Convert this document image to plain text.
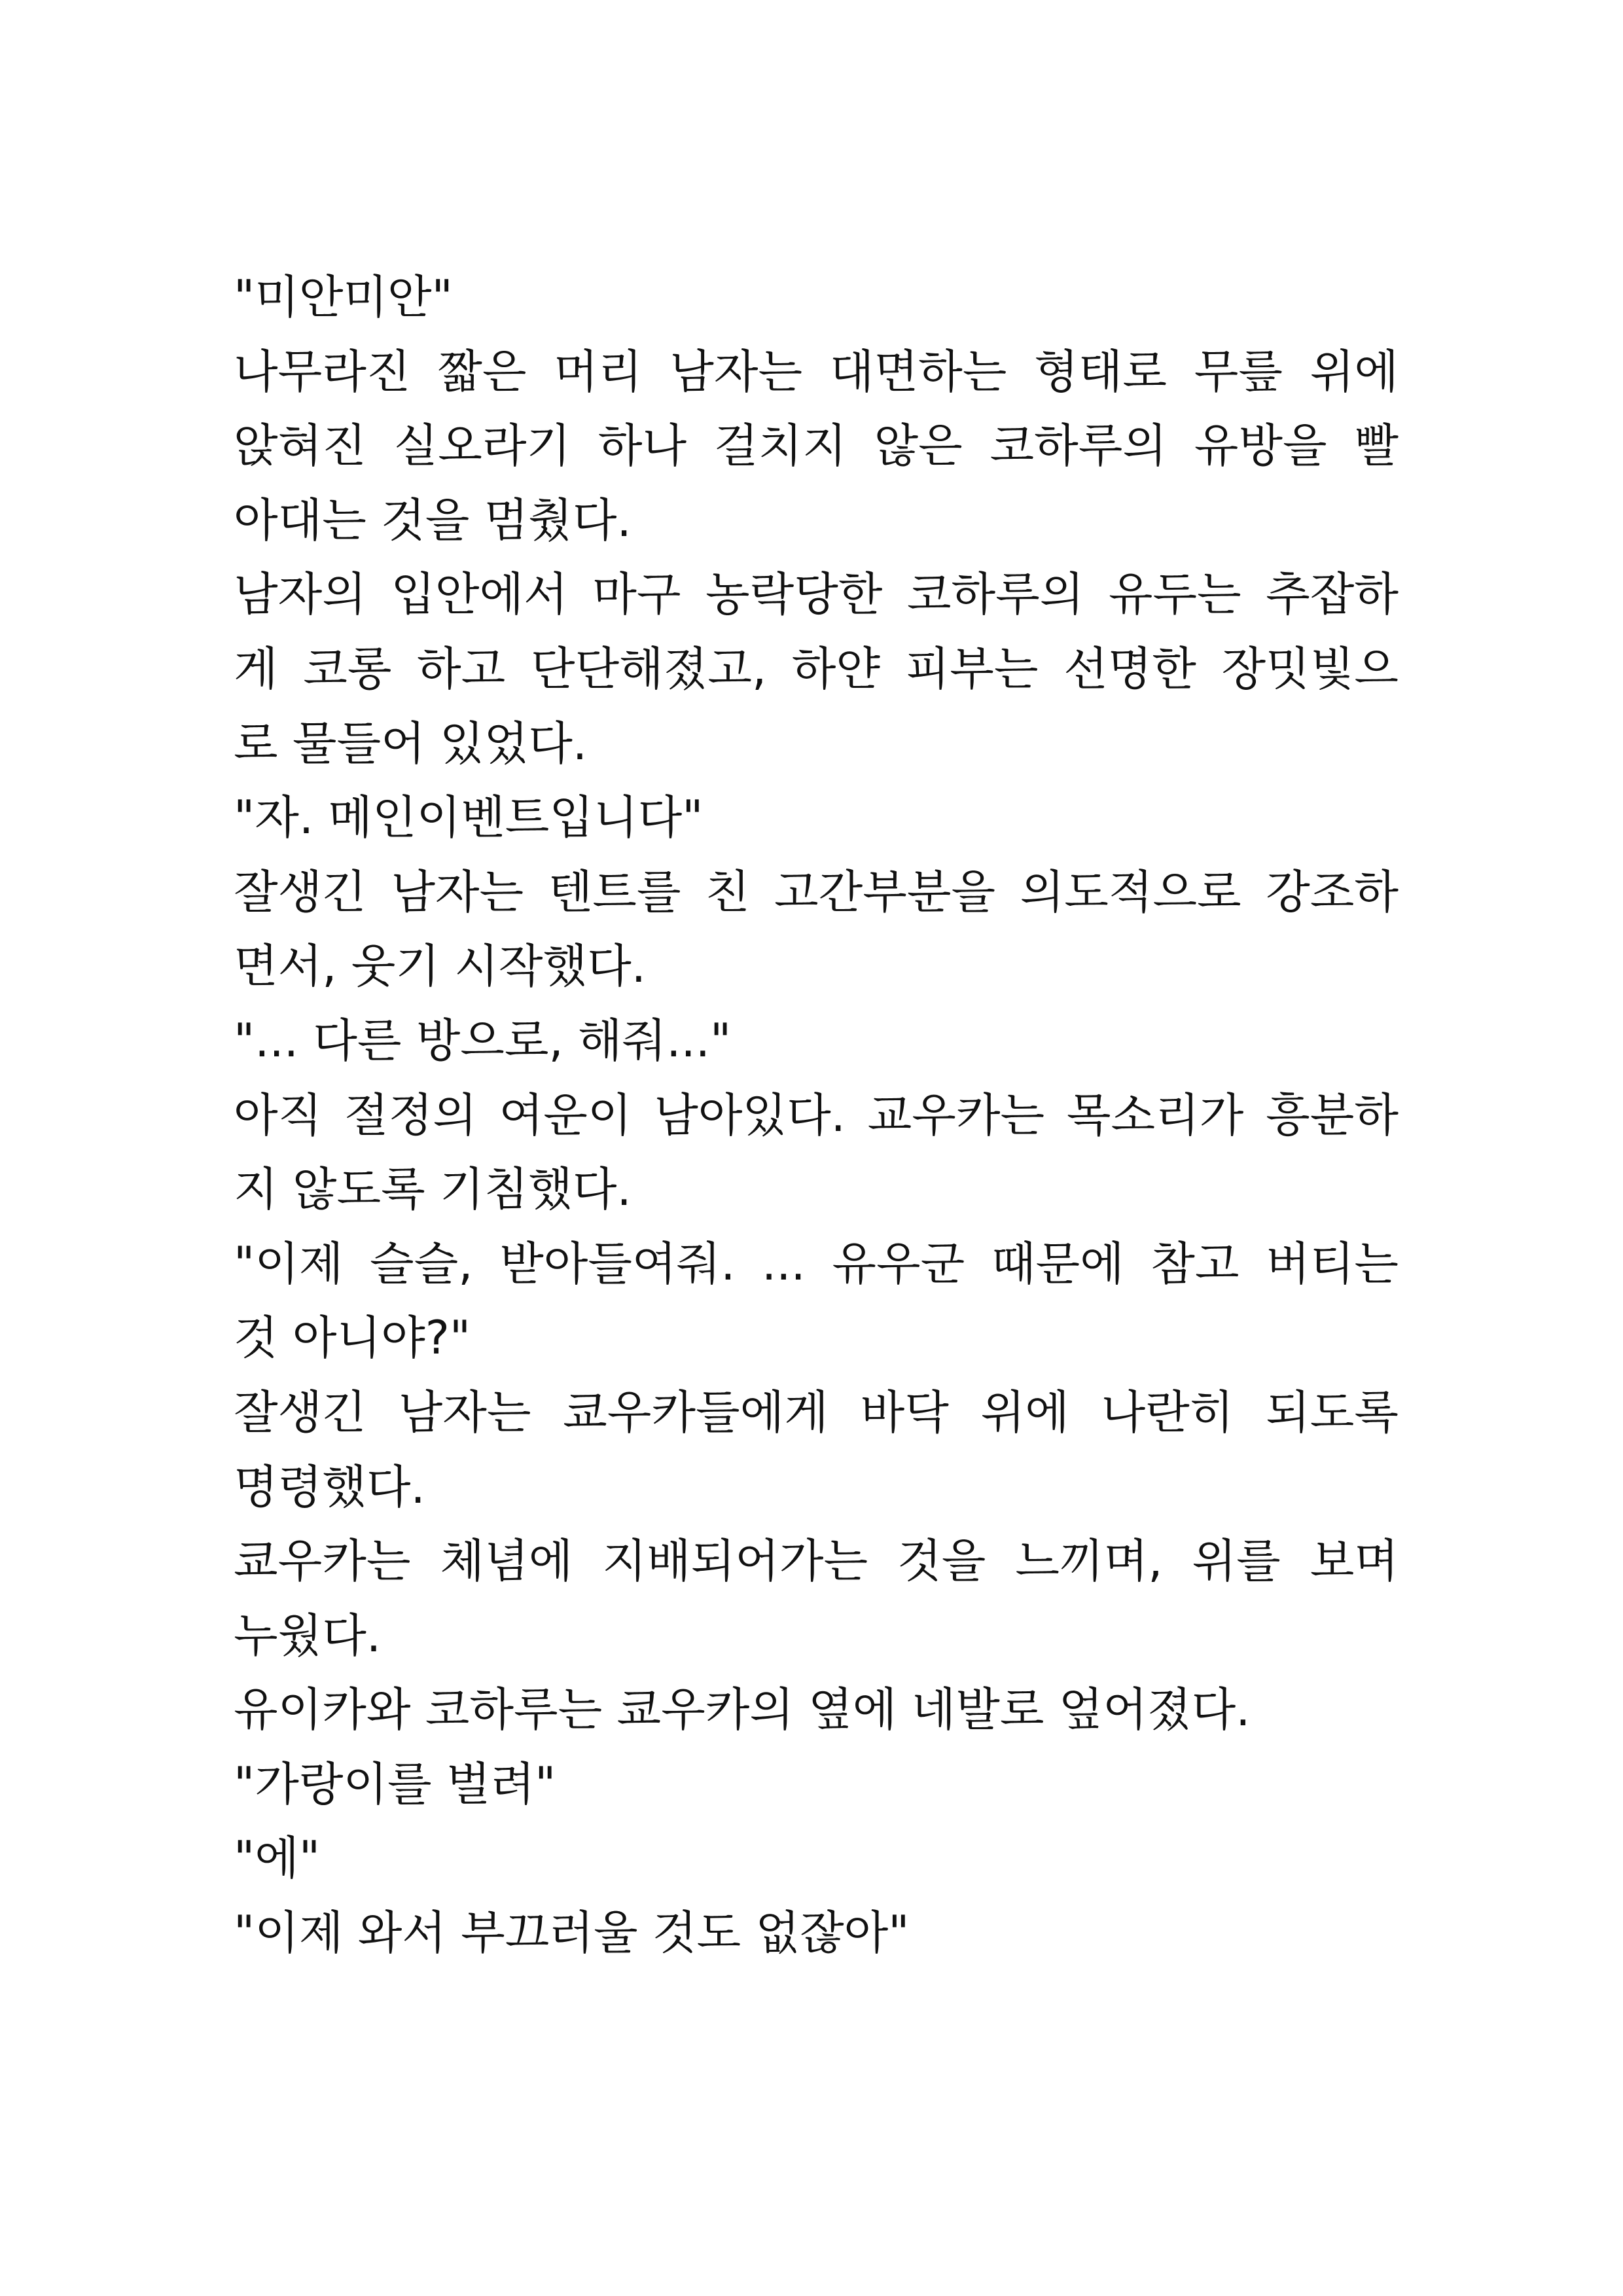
"미안미안"

나무라진 짧은 머리 남자는 대면하는 형태로 무릎 위에

앉혀진 실오라기 하나 걸치지 않은 코하루의 유방을 빨

아대는 것을 멈췄다.

남자의 입안에서 마구 농락당한 코하루의 유두는 추잡하

게 코롱 하고 단단해졌고, 하얀 피부는 선명한 장밋빛으

로 물들어 있었다.

"자. 메인이벤트입니다"

잘생긴 남자는 텐트를 친 고간부분을 의도적으로 강조하

면서, 웃기 시작했다.

"... 다른 방으로, 해줘..."

아직 절정의 여운이 남아있다. 교우카는 목소리가 흥분하

지 않도록 기침했다.

"이제 슬슬, 받아들여줘. ... 유우군 때문에 참고 버티는

것 아니야?"

잘생긴 남자는 쿄우카들에게 바닥 위에 나란히 되도록

명령했다.

쿄우카는 체념에 지배되어가는 것을 느끼며, 위를 보며

누웠다.

유이카와 코하루는 쿄우카의 옆에 네발로 엎어졌다.

"가랑이를 벌려"

"에"

"이제 와서 부끄러울 것도 없잖아"
